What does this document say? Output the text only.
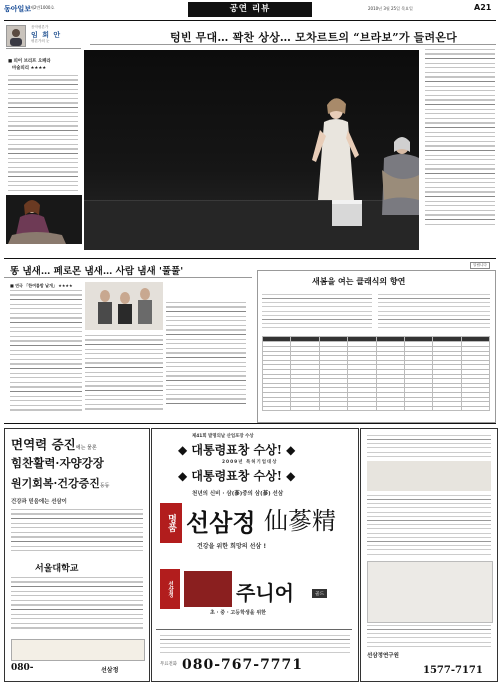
동아일보
제2만1000호	공연 리뷰	2010년 3월 25일 목요일	A21
음악평론가
임 희 안
평론가의 눈
■ 피어 브리프 오페라
마술피리 ★★★★
텅빈 무대… 꽉찬 상상… 모차르트의 “브라보”가 들려온다
똥 냄새… 페로몬 냄새… 사람 냄새 '풀풀'
■ 연극 「한여름밤 날개」 ★★★★
알립니다
새봄을 여는 클래식의 향연

면역력 증진에는 물론
힘찬활력·자양강장
원기회복·건강증진등등
건강과 믿음에는 선삼이
서울대학교
080-	선삼정
제41회 발명의날 산업포장 수상
◆ 대통령표창 수상! ◆
2009년 특허기업대상
◆ 대통령표창 수상! ◆
천년의 신비 · 삼(蔘)중의 삼(蔘) 선삼
명품 선삼정 仙蔘精
건강을 위한 희망의 선삼 !
선삼정	주니어	골드
초 · 중 · 고등학생을 위한
무료전화 080-767-7771
선삼정연구원
1577-7171
